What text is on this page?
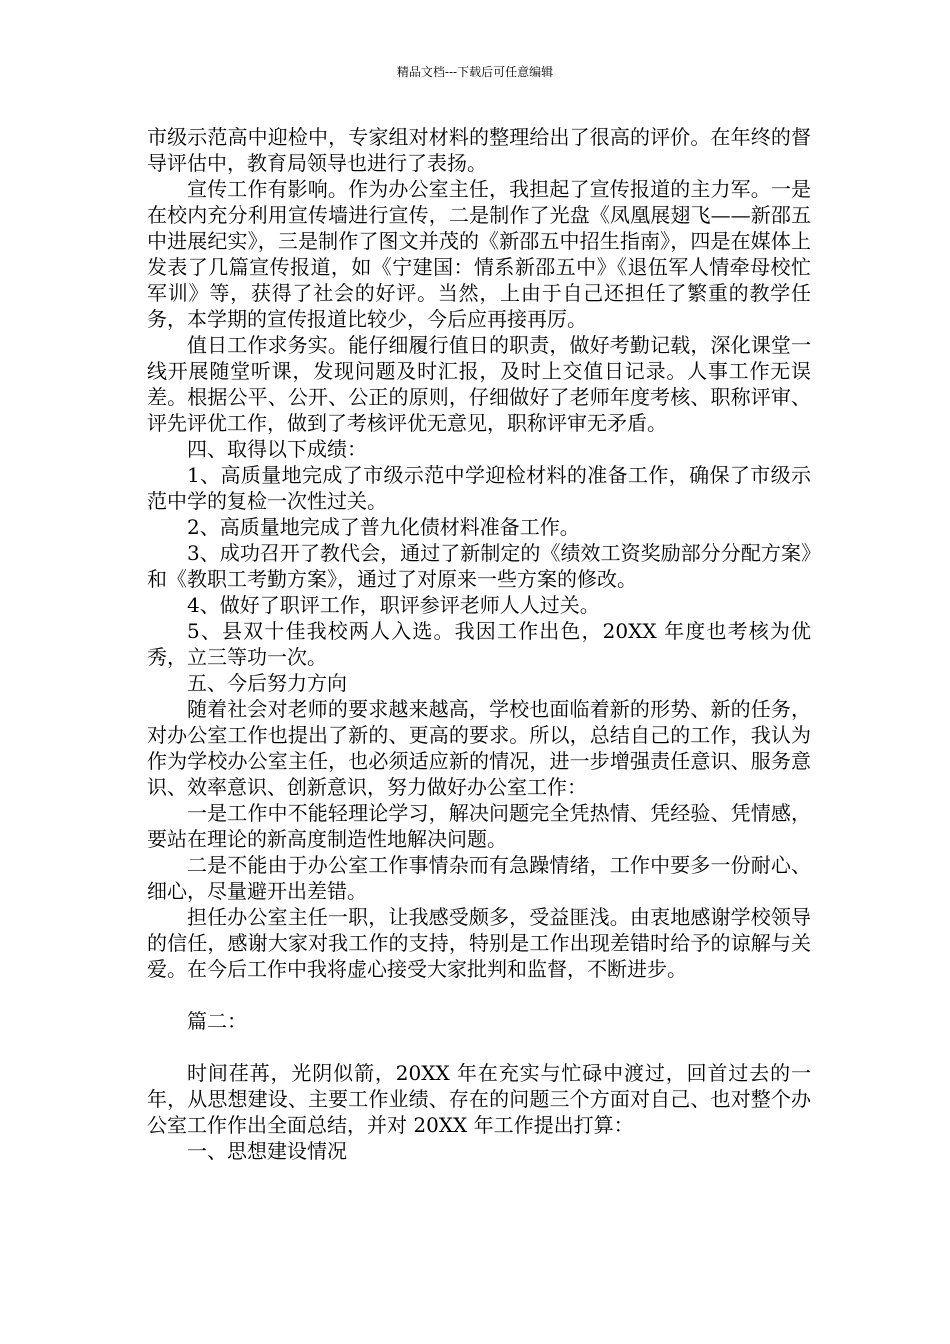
精品文档---下载后可任意编辑

市级示范高中迎检中，专家组对材料的整理给出了很高的评价。在年终的督导评估中，教育局领导也进行了表扬。

宣传工作有影响。作为办公室主任，我担起了宣传报道的主力军。一是在校内充分利用宣传墙进行宣传，二是制作了光盘《凤凰展翅飞——新邵五中进展纪实》，三是制作了图文并茂的《新邵五中招生指南》，四是在媒体上发表了几篇宣传报道，如《宁建国：情系新邵五中》《退伍军人情牵母校忙军训》等，获得了社会的好评。当然，上由于自己还担任了繁重的教学任务，本学期的宣传报道比较少，今后应再接再厉。

值日工作求务实。能仔细履行值日的职责，做好考勤记载，深化课堂一线开展随堂听课，发现问题及时汇报，及时上交值日记录。人事工作无误差。根据公平、公开、公正的原则，仔细做好了老师年度考核、职称评审、评先评优工作，做到了考核评优无意见，职称评审无矛盾。

四、取得以下成绩：

1、高质量地完成了市级示范中学迎检材料的准备工作，确保了市级示范中学的复检一次性过关。

2、高质量地完成了普九化债材料准备工作。

3、成功召开了教代会，通过了新制定的《绩效工资奖励部分分配方案》和《教职工考勤方案》，通过了对原来一些方案的修改。

4、做好了职评工作，职评参评老师人人过关。

5、县双十佳我校两人入选。我因工作出色，20XX 年度也考核为优秀，立三等功一次。

五、今后努力方向

随着社会对老师的要求越来越高，学校也面临着新的形势、新的任务，对办公室工作也提出了新的、更高的要求。所以，总结自己的工作，我认为作为学校办公室主任，也必须适应新的情况，进一步增强责任意识、服务意识、效率意识、创新意识，努力做好办公室工作：

一是工作中不能轻理论学习，解决问题完全凭热情、凭经验、凭情感，要站在理论的新高度制造性地解决问题。

二是不能由于办公室工作事情杂而有急躁情绪，工作中要多一份耐心、细心，尽量避开出差错。

担任办公室主任一职，让我感受颇多，受益匪浅。由衷地感谢学校领导的信任，感谢大家对我工作的支持，特别是工作出现差错时给予的谅解与关爱。在今后工作中我将虚心接受大家批判和监督，不断进步。

篇二：

时间荏苒，光阴似箭，20XX 年在充实与忙碌中渡过，回首过去的一年，从思想建设、主要工作业绩、存在的问题三个方面对自己、也对整个办公室工作作出全面总结，并对 20XX 年工作提出打算：

一、思想建设情况
